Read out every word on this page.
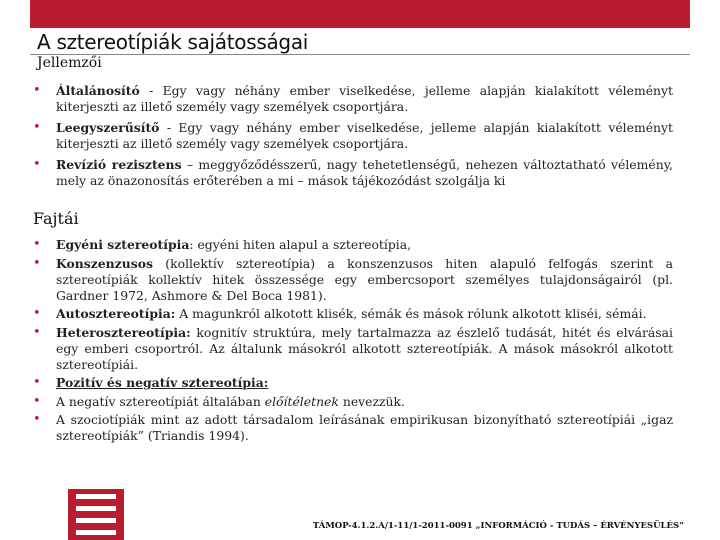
A sztereotípiák sajátosságai
Jellemzői
• Általánosító - Egy vagy néhány ember viselkedése, jelleme alapján kialakított véleményt kiterjeszti az illető személy vagy személyek csoportjára.
• Leegyszerűsítő - Egy vagy néhány ember viselkedése, jelleme alapján kialakított véleményt kiterjeszti az illető személy vagy személyek csoportjára.
• Revízió rezisztens – meggyőződésszerű, nagy tehetetlenségű, nehezen változtatható vélemény, mely az önazonosítás erőterében a mi – mások tájékozódást szolgálja ki
Fajtái
• Egyéni sztereotípia: egyéni hiten alapul a sztereotípia,
• Konszenzusos (kollektív sztereotípia) a konszenzusos hiten alapuló felfogás szerint a sztereotípiák kollektív hitek összessége egy embercsoport személyes tulajdonságairól (pl. Gardner 1972, Ashmore & Del Boca 1981).
• Autosztereotípia: A magunkról alkotott klisék, sémák és mások rólunk alkotott kliséi, sémái.
• Heterosztereotípia: kognitív struktúra, mely tartalmazza az észlelő tudását, hitét és elvárásai egy emberi csoportról. Az általunk másokról alkotott sztereotípiák. A mások másokról alkotott sztereotípiái.
• Pozitív és negatív sztereotípia:
• A negatív sztereotípiát általában előítéletnek nevezzük.
• A szociotípiák mint az adott társadalom leírásának empirikusan bizonyítható sztereotípiái „igaz sztereotípiák” (Triandis 1994).
TÁMOP-4.1.2.A/1-11/1-2011-0091 „INFORMÁCIÓ - TUDÁS – ÉRVÉNYESÜLÉS”
